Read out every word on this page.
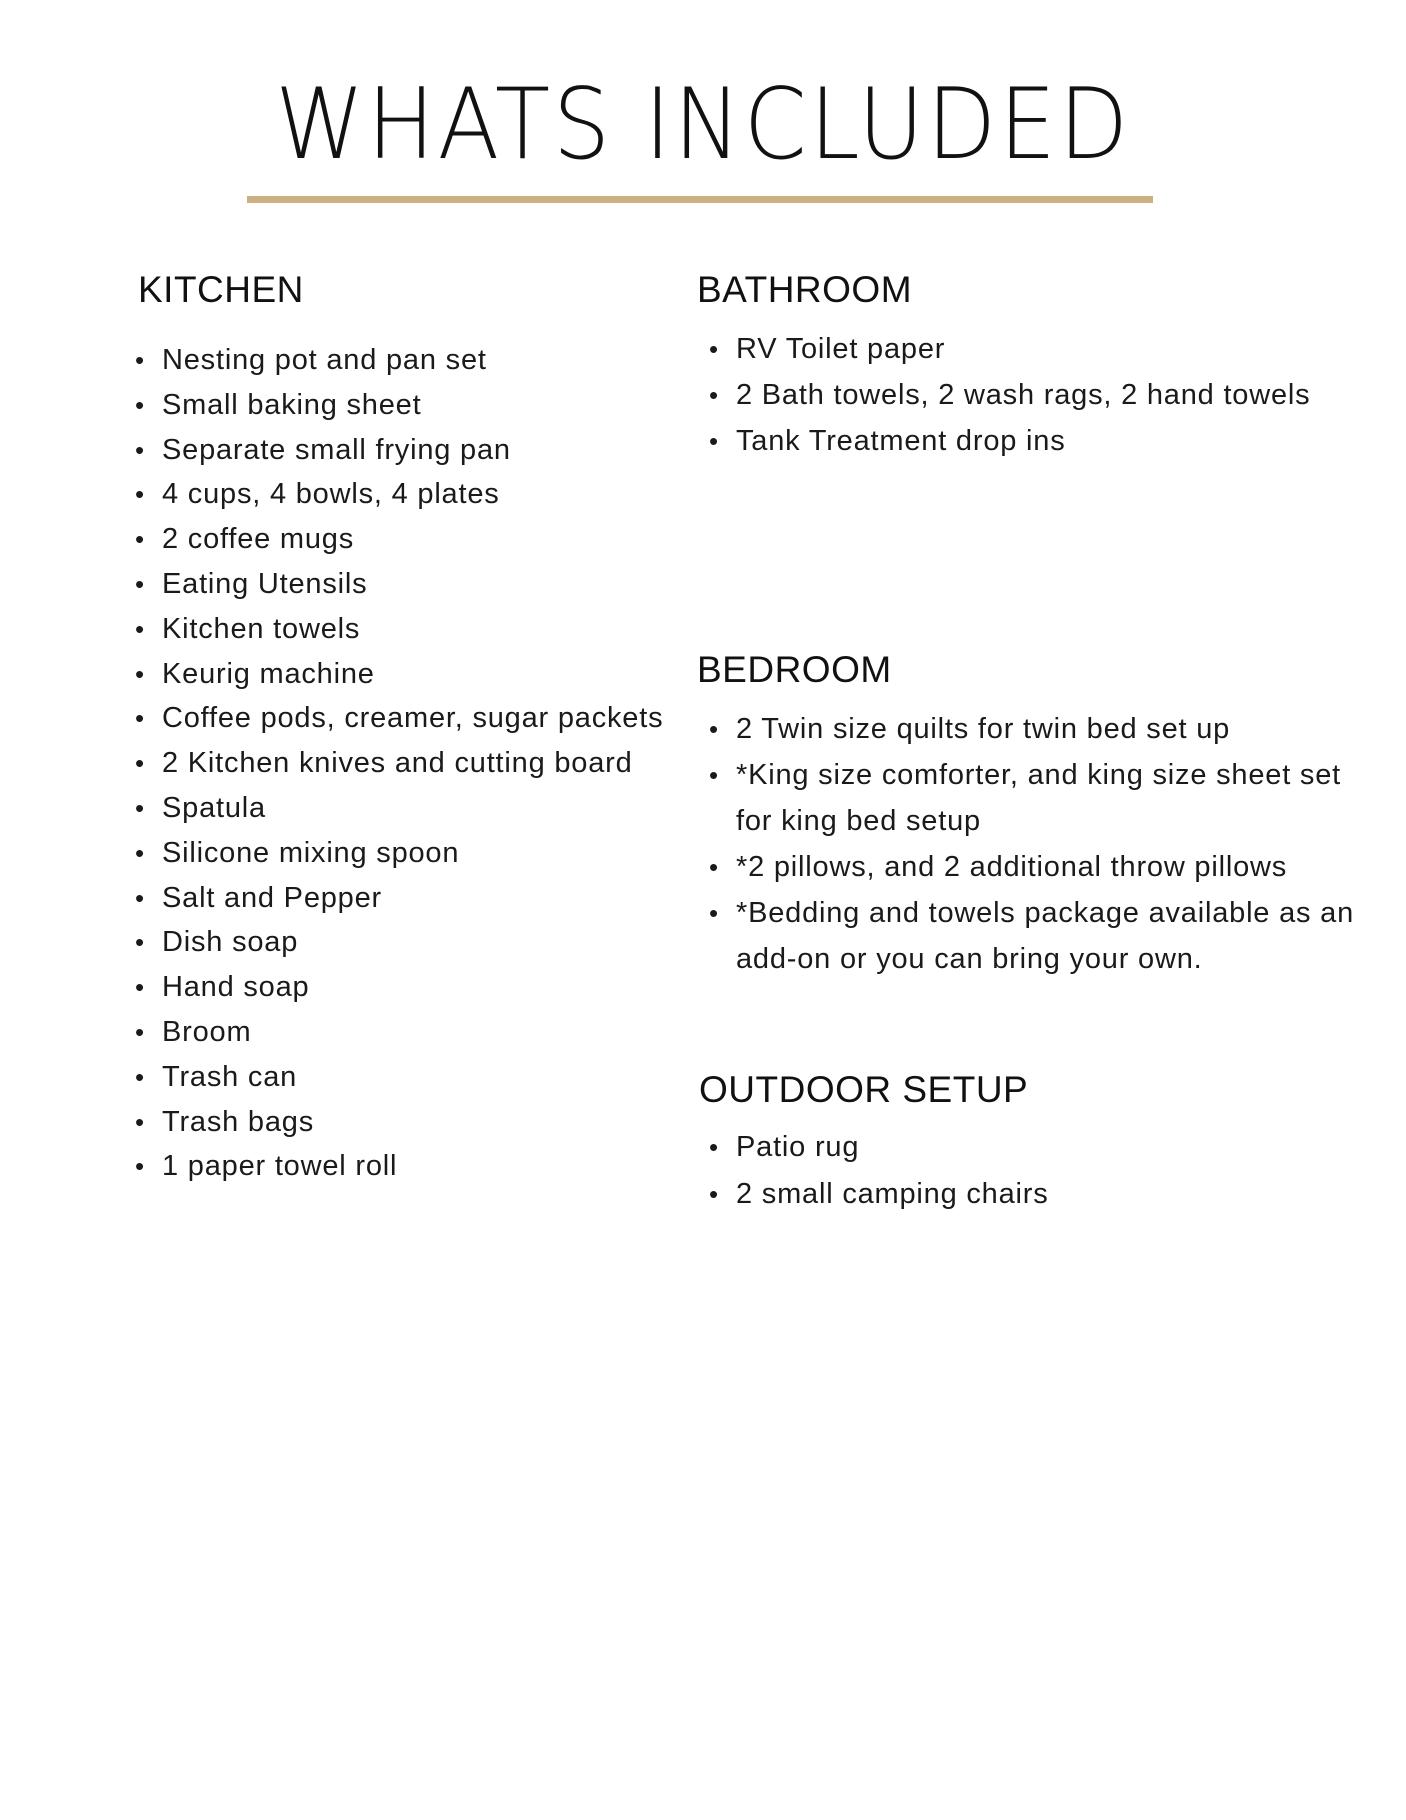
WHATS INCLUDED
KITCHEN
• Nesting pot and pan set
• Small baking sheet
• Separate small frying pan
• 4 cups, 4 bowls, 4 plates
• 2 coffee mugs
• Eating Utensils
• Kitchen towels
• Keurig machine
• Coffee pods, creamer, sugar packets
• 2 Kitchen knives and cutting board
• Spatula
• Silicone mixing spoon
• Salt and Pepper
• Dish soap
• Hand soap
• Broom
• Trash can
• Trash bags
• 1 paper towel roll
BATHROOM
• RV Toilet paper
• 2 Bath towels, 2 wash rags, 2 hand towels
• Tank Treatment drop ins
BEDROOM
• 2 Twin size quilts for twin bed set up
• *King size comforter, and king size sheet set for king bed setup
• *2 pillows, and 2 additional throw pillows
• *Bedding and towels package available as an add-on or you can bring your own.
OUTDOOR SETUP
• Patio rug
• 2 small camping chairs
